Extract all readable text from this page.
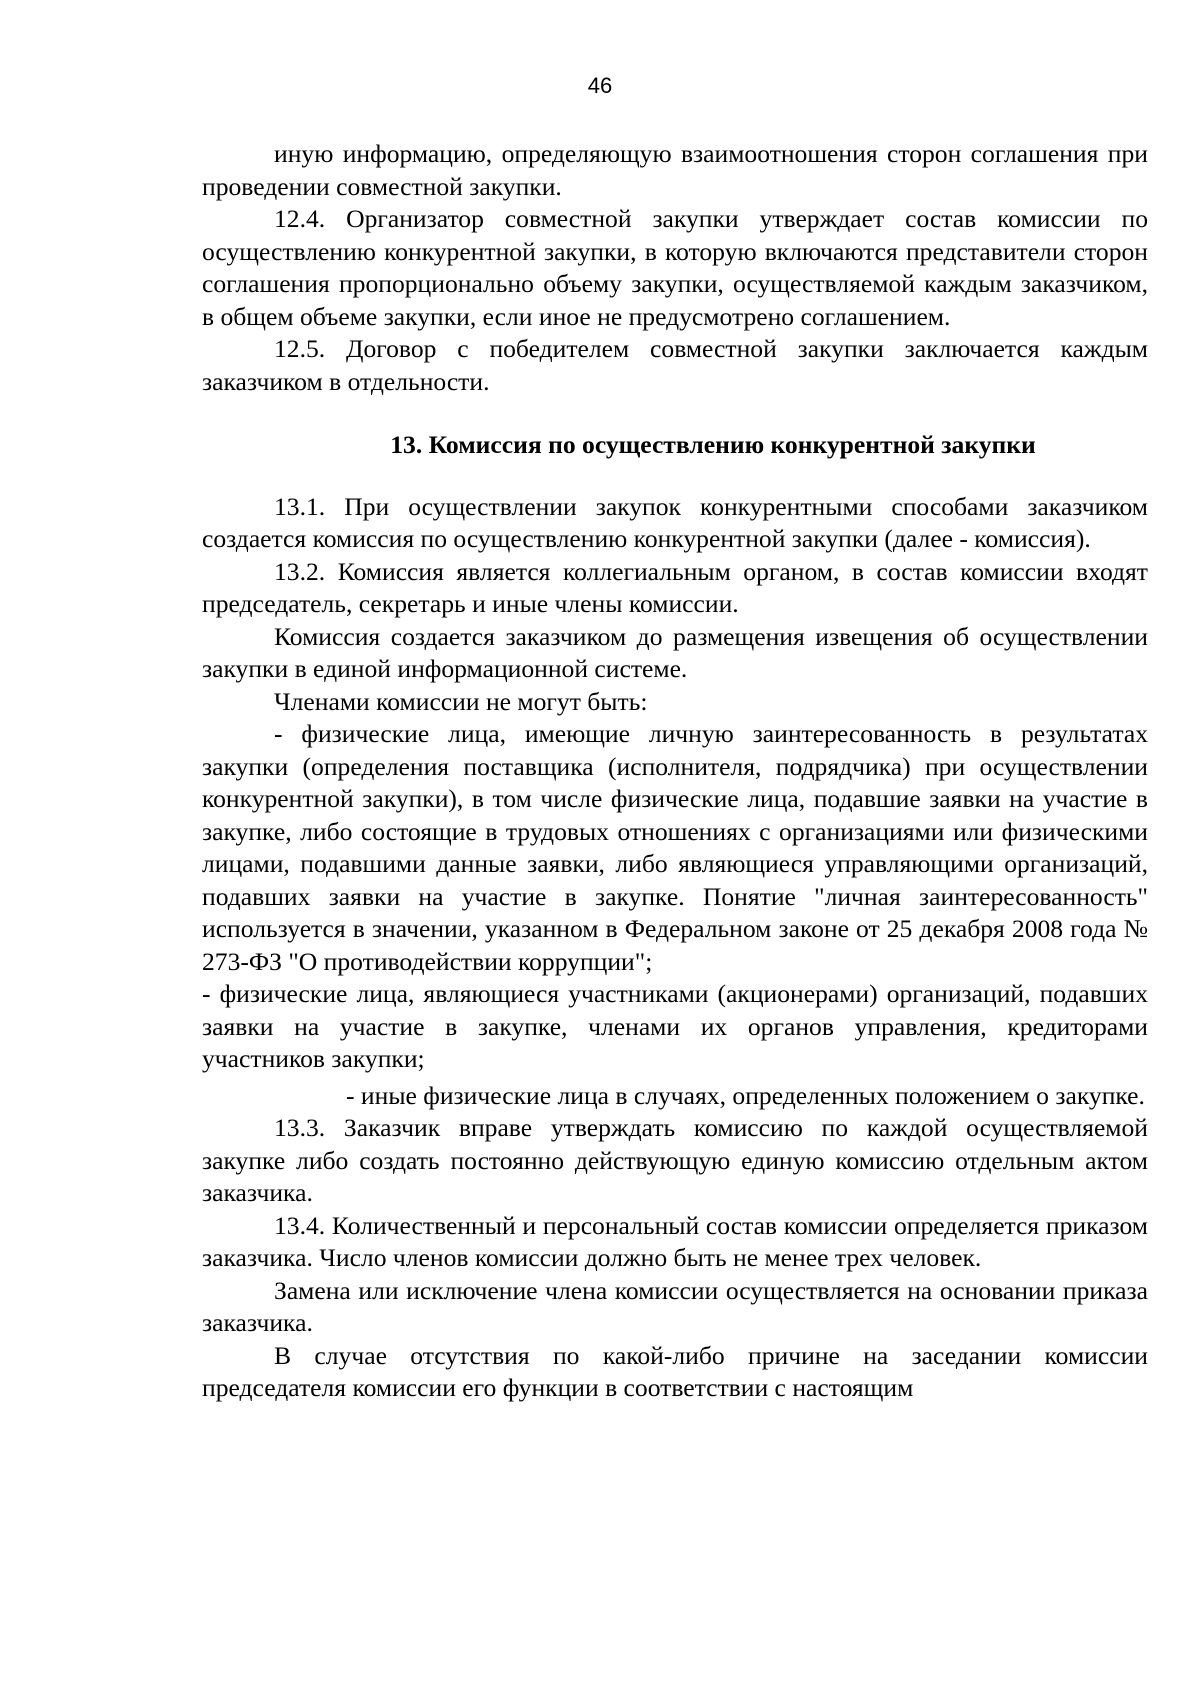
46

иную информацию, определяющую взаимоотношения сторон соглашения при проведении совместной закупки.

12.4. Организатор совместной закупки утверждает состав комиссии по осуществлению конкурентной закупки, в которую включаются представители сторон соглашения пропорционально объему закупки, осуществляемой каждым заказчиком, в общем объеме закупки, если иное не предусмотрено соглашением.

12.5. Договор с победителем совместной закупки заключается каждым заказчиком в отдельности.

13. Комиссия по осуществлению конкурентной закупки

13.1. При осуществлении закупок конкурентными способами заказчиком создается комиссия по осуществлению конкурентной закупки (далее - комиссия).

13.2. Комиссия является коллегиальным органом, в состав комиссии входят председатель, секретарь и иные члены комиссии.

Комиссия создается заказчиком до размещения извещения об осуществлении закупки в единой информационной системе.

Членами комиссии не могут быть:

- физические лица, имеющие личную заинтересованность в результатах закупки (определения поставщика (исполнителя, подрядчика) при осуществлении конкурентной закупки), в том числе физические лица, подавшие заявки на участие в закупке, либо состоящие в трудовых отношениях с организациями или физическими лицами, подавшими данные заявки, либо являющиеся управляющими организаций, подавших заявки на участие в закупке. Понятие "личная заинтересованность" используется в значении, указанном в Федеральном законе от 25 декабря 2008 года № 273-ФЗ "О противодействии коррупции";

- физические лица, являющиеся участниками (акционерами) организаций, подавших заявки на участие в закупке, членами их органов управления, кредиторами участников закупки;

- иные физические лица в случаях, определенных положением о закупке.

13.3. Заказчик вправе утверждать комиссию по каждой осуществляемой закупке либо создать постоянно действующую единую комиссию отдельным актом заказчика.

13.4. Количественный и персональный состав комиссии определяется приказом заказчика. Число членов комиссии должно быть не менее трех человек.

Замена или исключение члена комиссии осуществляется на основании приказа заказчика.

В случае отсутствия по какой-либо причине на заседании комиссии председателя комиссии его функции в соответствии с настоящим
